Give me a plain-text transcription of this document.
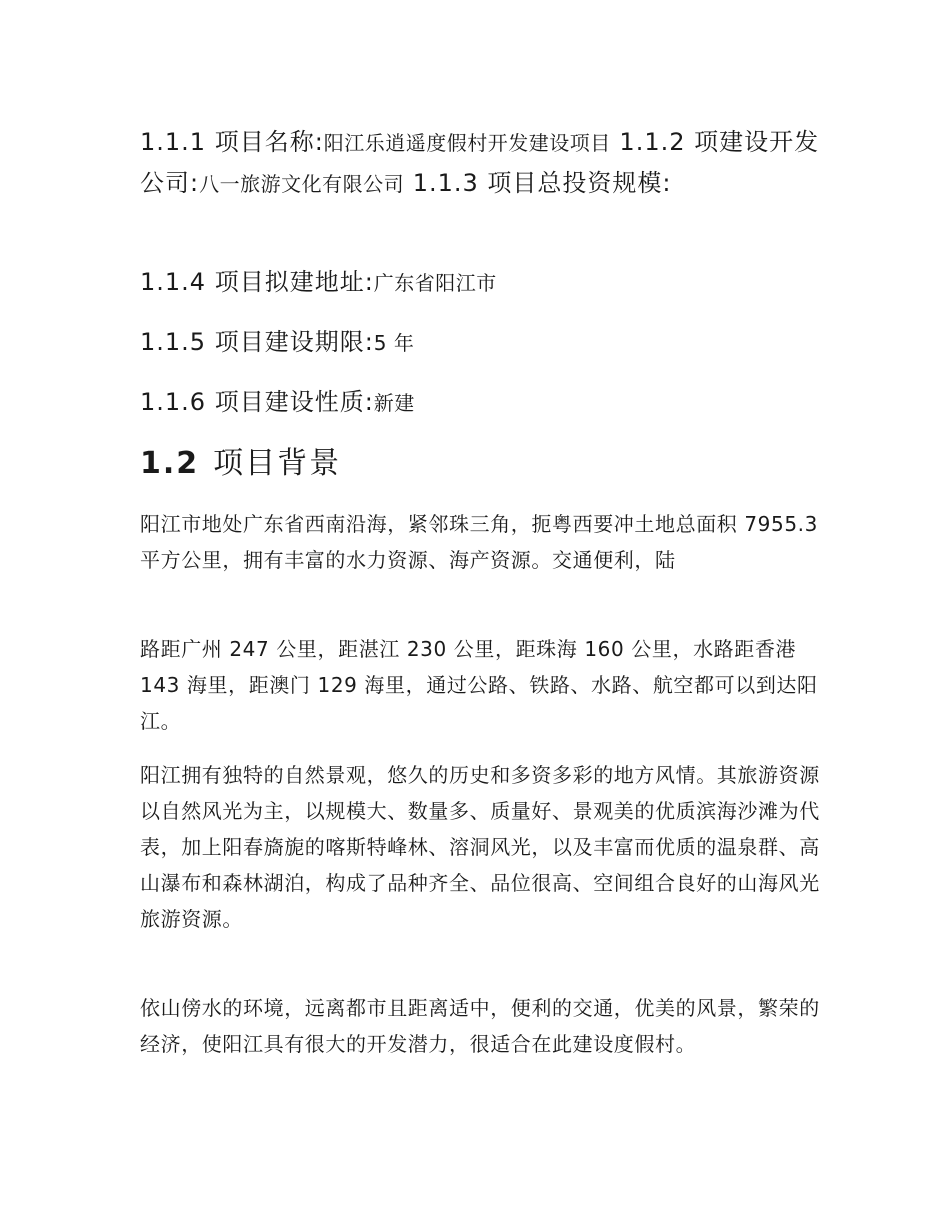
1.1.1 项目名称:阳江乐逍遥度假村开发建设项目 1.1.2 项建设开发公司:八一旅游文化有限公司 1.1.3 项目总投资规模:
1.1.4 项目拟建地址:广东省阳江市
1.1.5 项目建设期限:5 年
1.1.6 项目建设性质:新建
1.2 项目背景

阳江市地处广东省西南沿海，紧邻珠三角，扼粤西要冲土地总面积 7955.3 平方公里，拥有丰富的水力资源、海产资源。交通便利，陆

路距广州 247 公里，距湛江 230 公里，距珠海 160 公里，水路距香港 143 海里，距澳门 129 海里，通过公路、铁路、水路、航空都可以到达阳江。

阳江拥有独特的自然景观，悠久的历史和多资多彩的地方风情。其旅游资源以自然风光为主，以规模大、数量多、质量好、景观美的优质滨海沙滩为代表，加上阳春旖旎的喀斯特峰林、溶洞风光，以及丰富而优质的温泉群、高山瀑布和森林湖泊，构成了品种齐全、品位很高、空间组合良好的山海风光旅游资源。

依山傍水的环境，远离都市且距离适中，便利的交通，优美的风景，繁荣的经济，使阳江具有很大的开发潜力，很适合在此建设度假村。
